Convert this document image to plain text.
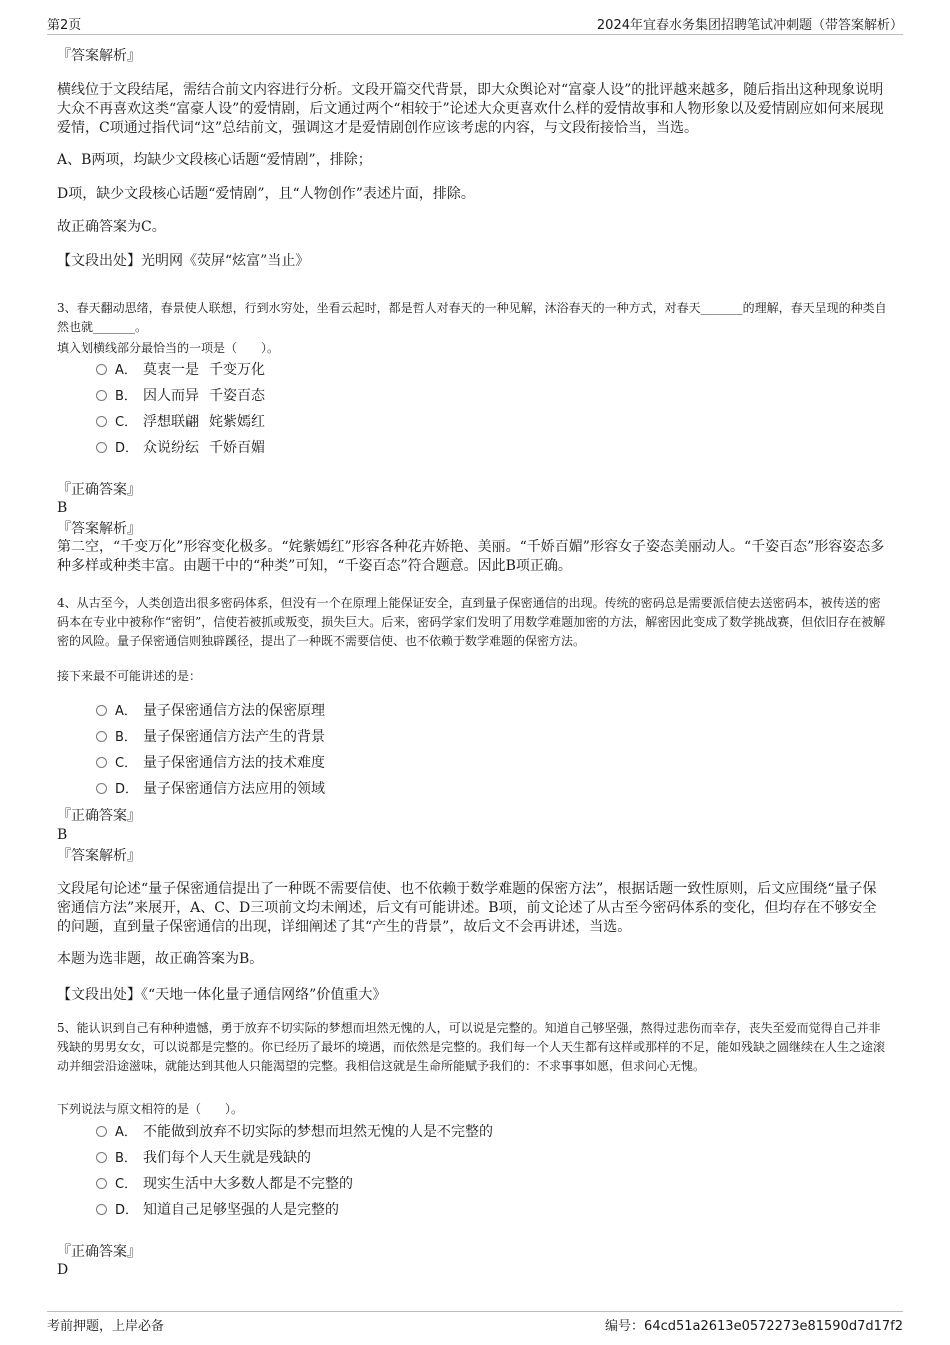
第2页	2024年宜春水务集团招聘笔试冲刺题（带答案解析）
『答案解析』
横线位于文段结尾，需结合前文内容进行分析。文段开篇交代背景，即大众舆论对“富豪人设”的批评越来越多，随后指出这种现象说明大众不再喜欢这类“富豪人设”的爱情剧，后文通过两个“相较于”论述大众更喜欢什么样的爱情故事和人物形象以及爱情剧应如何来展现爱情，C项通过指代词“这”总结前文，强调这才是爱情剧创作应该考虑的内容，与文段衔接恰当，当选。
A、B两项，均缺少文段核心话题“爱情剧”，排除；
D项，缺少文段核心话题“爱情剧”，且“人物创作”表述片面，排除。
故正确答案为C。
【文段出处】光明网《荧屏“炫富”当止》
3、春天翻动思绪，春景使人联想，行到水穷处，坐看云起时，都是哲人对春天的一种见解，沐浴春天的一种方式，对春天_______的理解，春天呈现的种类自然也就_______。
填入划横线部分最恰当的一项是（　　）。
A． 莫衷一是 千变万化
B． 因人而异 千姿百态
C． 浮想联翩 姹紫嫣红
D． 众说纷纭 千娇百媚
『正确答案』
B
『答案解析』
第二空，“千变万化”形容变化极多。“姹紫嫣红”形容各种花卉娇艳、美丽。“千娇百媚”形容女子姿态美丽动人。“千姿百态”形容姿态多种多样或种类丰富。由题干中的“种类”可知，“千姿百态”符合题意。因此B项正确。
4、从古至今，人类创造出很多密码体系，但没有一个在原理上能保证安全，直到量子保密通信的出现。传统的密码总是需要派信使去送密码本，被传送的密码本在专业中被称作“密钥”，信使若被抓或叛变，损失巨大。后来，密码学家们发明了用数学难题加密的方法，解密因此变成了数学挑战赛，但依旧存在被解密的风险。量子保密通信则独辟蹊径，提出了一种既不需要信使、也不依赖于数学难题的保密方法。
接下来最不可能讲述的是：
A． 量子保密通信方法的保密原理
B． 量子保密通信方法产生的背景
C． 量子保密通信方法的技术难度
D． 量子保密通信方法应用的领域
『正确答案』
B
『答案解析』
文段尾句论述“量子保密通信提出了一种既不需要信使、也不依赖于数学难题的保密方法”，根据话题一致性原则，后文应围绕“量子保密通信方法”来展开，A、C、D三项前文均未阐述，后文有可能讲述。B项，前文论述了从古至今密码体系的变化，但均存在不够安全的问题，直到量子保密通信的出现，详细阐述了其“产生的背景”，故后文不会再讲述，当选。
本题为选非题，故正确答案为B。
【文段出处】《“天地一体化量子通信网络”价值重大》
5、能认识到自己有种种遗憾，勇于放弃不切实际的梦想而坦然无愧的人，可以说是完整的。知道自己够坚强，熬得过悲伤而幸存，丧失至爱而觉得自己并非残缺的男男女女，可以说都是完整的。你已经历了最坏的境遇，而依然是完整的。我们每一个人天生都有这样或那样的不足，能如残缺之圆继续在人生之途滚动并细尝沿途滋味，就能达到其他人只能渴望的完整。我相信这就是生命所能赋予我们的：不求事事如愿，但求问心无愧。
下列说法与原文相符的是（　　）。
A． 不能做到放弃不切实际的梦想而坦然无愧的人是不完整的
B． 我们每个人天生就是残缺的
C． 现实生活中大多数人都是不完整的
D． 知道自己足够坚强的人是完整的
『正确答案』
D
考前押题，上岸必备	编号：64cd51a2613e0572273e81590d7d17f2
